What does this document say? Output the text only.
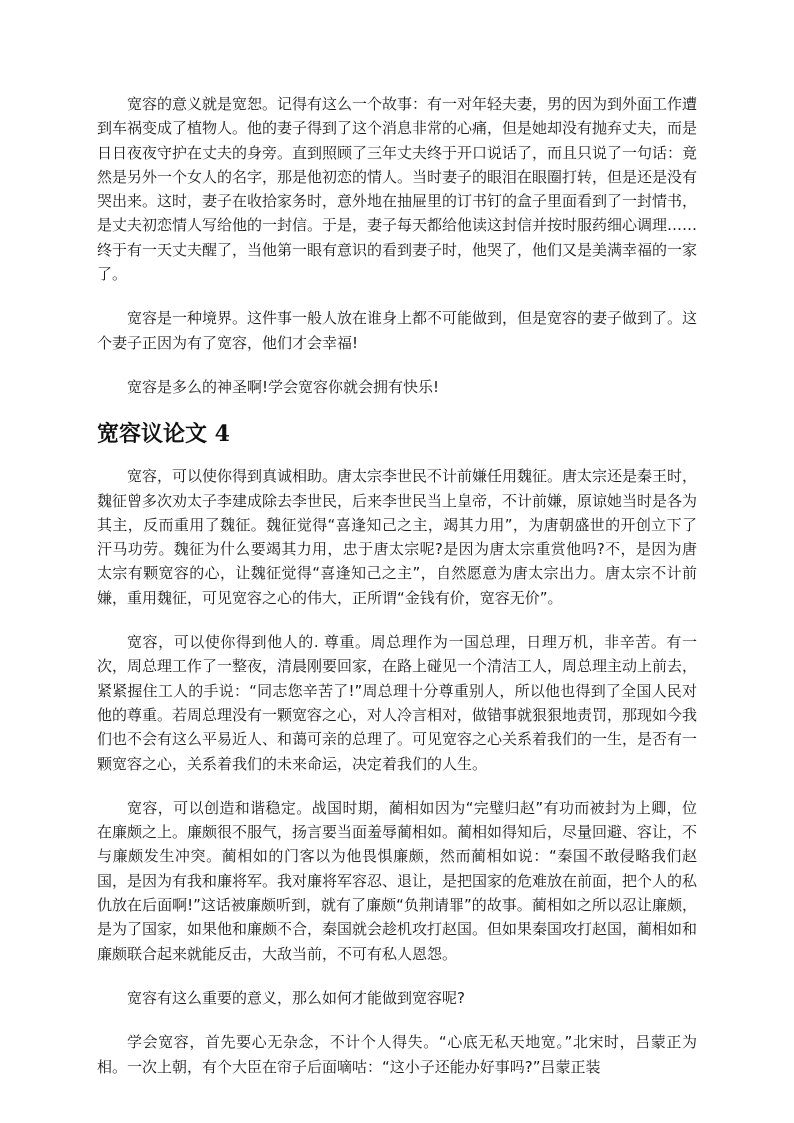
宽容的意义就是宽恕。记得有这么一个故事：有一对年轻夫妻，男的因为到外面工作遭到车祸变成了植物人。他的妻子得到了这个消息非常的心痛，但是她却没有抛弃丈夫，而是日日夜夜守护在丈夫的身旁。直到照顾了三年丈夫终于开口说话了，而且只说了一句话：竟然是另外一个女人的名字，那是他初恋的情人。当时妻子的眼泪在眼圈打转，但是还是没有哭出来。这时，妻子在收拾家务时，意外地在抽屉里的订书钉的盒子里面看到了一封情书，是丈夫初恋情人写给他的一封信。于是，妻子每天都给他读这封信并按时服药细心调理……终于有一天丈夫醒了，当他第一眼有意识的看到妻子时，他哭了，他们又是美满幸福的一家了。

宽容是一种境界。这件事一般人放在谁身上都不可能做到，但是宽容的妻子做到了。这个妻子正因为有了宽容，他们才会幸福!

宽容是多么的神圣啊!学会宽容你就会拥有快乐!

宽容议论文 4

宽容，可以使你得到真诚相助。唐太宗李世民不计前嫌任用魏征。唐太宗还是秦王时，魏征曾多次劝太子李建成除去李世民，后来李世民当上皇帝，不计前嫌，原谅她当时是各为其主，反而重用了魏征。魏征觉得“喜逢知己之主，竭其力用”，为唐朝盛世的开创立下了汗马功劳。魏征为什么要竭其力用，忠于唐太宗呢?是因为唐太宗重赏他吗?不，是因为唐太宗有颗宽容的心，让魏征觉得“喜逢知己之主”，自然愿意为唐太宗出力。唐太宗不计前嫌，重用魏征，可见宽容之心的伟大，正所谓“金钱有价，宽容无价”。

宽容，可以使你得到他人的. 尊重。周总理作为一国总理，日理万机，非辛苦。有一次，周总理工作了一整夜，清晨刚要回家，在路上碰见一个清洁工人，周总理主动上前去，紧紧握住工人的手说：“同志您辛苦了!”周总理十分尊重别人，所以他也得到了全国人民对他的尊重。若周总理没有一颗宽容之心，对人冷言相对，做错事就狠狠地责罚，那现如今我们也不会有这么平易近人、和蔼可亲的总理了。可见宽容之心关系着我们的一生，是否有一颗宽容之心，关系着我们的未来命运，决定着我们的人生。

宽容，可以创造和谐稳定。战国时期，蔺相如因为“完璧归赵”有功而被封为上卿，位在廉颇之上。廉颇很不服气，扬言要当面羞辱蔺相如。蔺相如得知后，尽量回避、容让，不与廉颇发生冲突。蔺相如的门客以为他畏惧廉颇，然而蔺相如说：“秦国不敢侵略我们赵国，是因为有我和廉将军。我对廉将军容忍、退让，是把国家的危难放在前面，把个人的私仇放在后面啊!”这话被廉颇听到，就有了廉颇“负荆请罪”的故事。蔺相如之所以忍让廉颇，是为了国家，如果他和廉颇不合，秦国就会趁机攻打赵国。但如果秦国攻打赵国，蔺相如和廉颇联合起来就能反击，大敌当前，不可有私人恩怨。

宽容有这么重要的意义，那么如何才能做到宽容呢?

学会宽容，首先要心无杂念，不计个人得失。“心底无私天地宽。”北宋时，吕蒙正为相。一次上朝，有个大臣在帘子后面嘀咕：“这小子还能办好事吗?”吕蒙正装
